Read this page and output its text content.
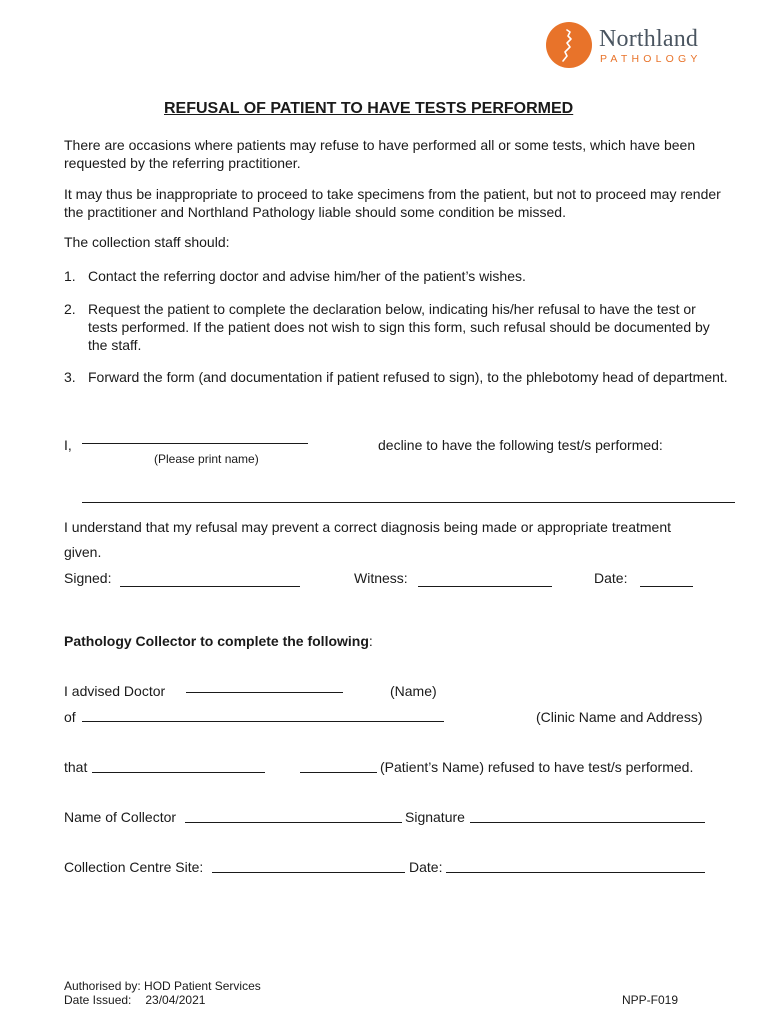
Northland
PATHOLOGY
REFUSAL OF PATIENT TO HAVE TESTS PERFORMED
There are occasions where patients may refuse to have performed all or some tests, which have been requested by the referring practitioner.
It may thus be inappropriate to proceed to take specimens from the patient, but not to proceed may render the practitioner and Northland Pathology liable should some condition be missed.
The collection staff should:
1. Contact the referring doctor and advise him/her of the patient’s wishes.
2. Request the patient to complete the declaration below, indicating his/her refusal to have the test or tests performed. If the patient does not wish to sign this form, such refusal should be documented by the staff.
3. Forward the form (and documentation if patient refused to sign), to the phlebotomy head of department.
I,
(Please print name)
decline to have the following test/s performed:
I understand that my refusal may prevent a correct diagnosis being made or appropriate treatment
given.
Signed:	Witness:	Date:
Pathology Collector to complete the following:
I advised Doctor	(Name)
of	(Clinic Name and Address)
that	(Patient’s Name) refused to have test/s performed.
Name of Collector	Signature
Collection Centre Site:	Date:
Authorised by: HOD Patient Services
Date Issued: 23/04/2021	NPP-F019
